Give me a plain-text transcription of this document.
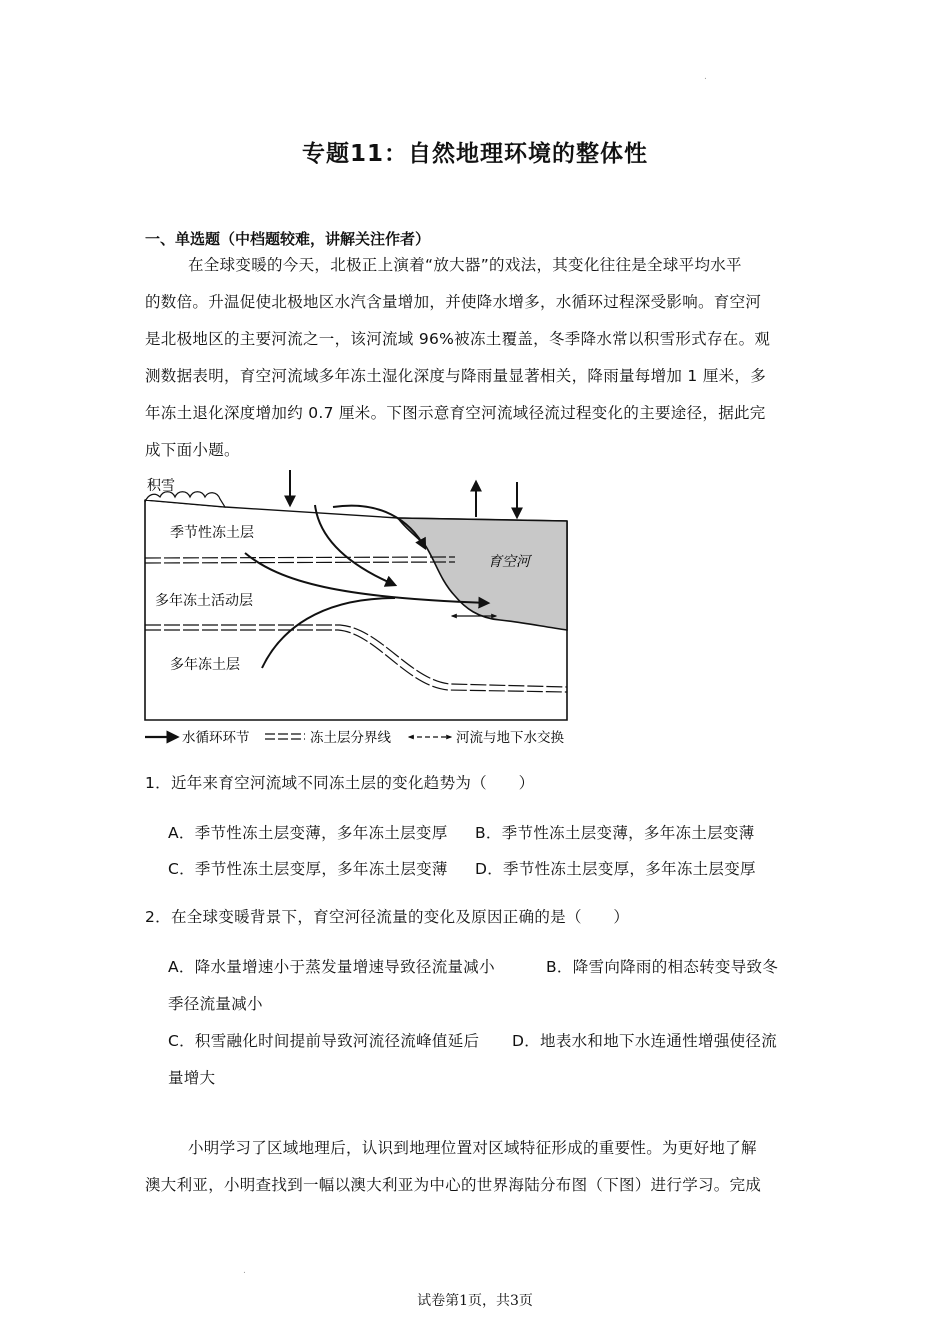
.
专题11：自然地理环境的整体性
一、单选题（中档题较难，讲解关注作者）
在全球变暖的今天，北极正上演着“放大器”的戏法，其变化往往是全球平均水平
的数倍。升温促使北极地区水汽含量增加，并使降水增多，水循环过程深受影响。育空河
是北极地区的主要河流之一，该河流域 96%被冻土覆盖，冬季降水常以积雪形式存在。观
测数据表明，育空河流域多年冻土湿化深度与降雨量显著相关，降雨量每增加 1 厘米，多
年冻土退化深度增加约 0.7 厘米。下图示意育空河流域径流过程变化的主要途径，据此完
成下面小题。
积雪
季节性冻土层
多年冻土活动层
多年冻土层
育空河
水循环环节	冻土层分界线	河流与地下水交换
1．近年来育空河流域不同冻土层的变化趋势为（　　）
A．季节性冻土层变薄，多年冻土层变厚 B．季节性冻土层变薄，多年冻土层变薄
C．季节性冻土层变厚，多年冻土层变薄 D．季节性冻土层变厚，多年冻土层变厚
2．在全球变暖背景下，育空河径流量的变化及原因正确的是（　　）
A．降水量增速小于蒸发量增速导致径流量减小	B．降雪向降雨的相态转变导致冬
季径流量减小
C．积雪融化时间提前导致河流径流峰值延后 D．地表水和地下水连通性增强使径流
量增大
小明学习了区域地理后，认识到地理位置对区域特征形成的重要性。为更好地了解
澳大利亚，小明查找到一幅以澳大利亚为中心的世界海陆分布图（下图）进行学习。完成
.
试卷第1页，共3页
